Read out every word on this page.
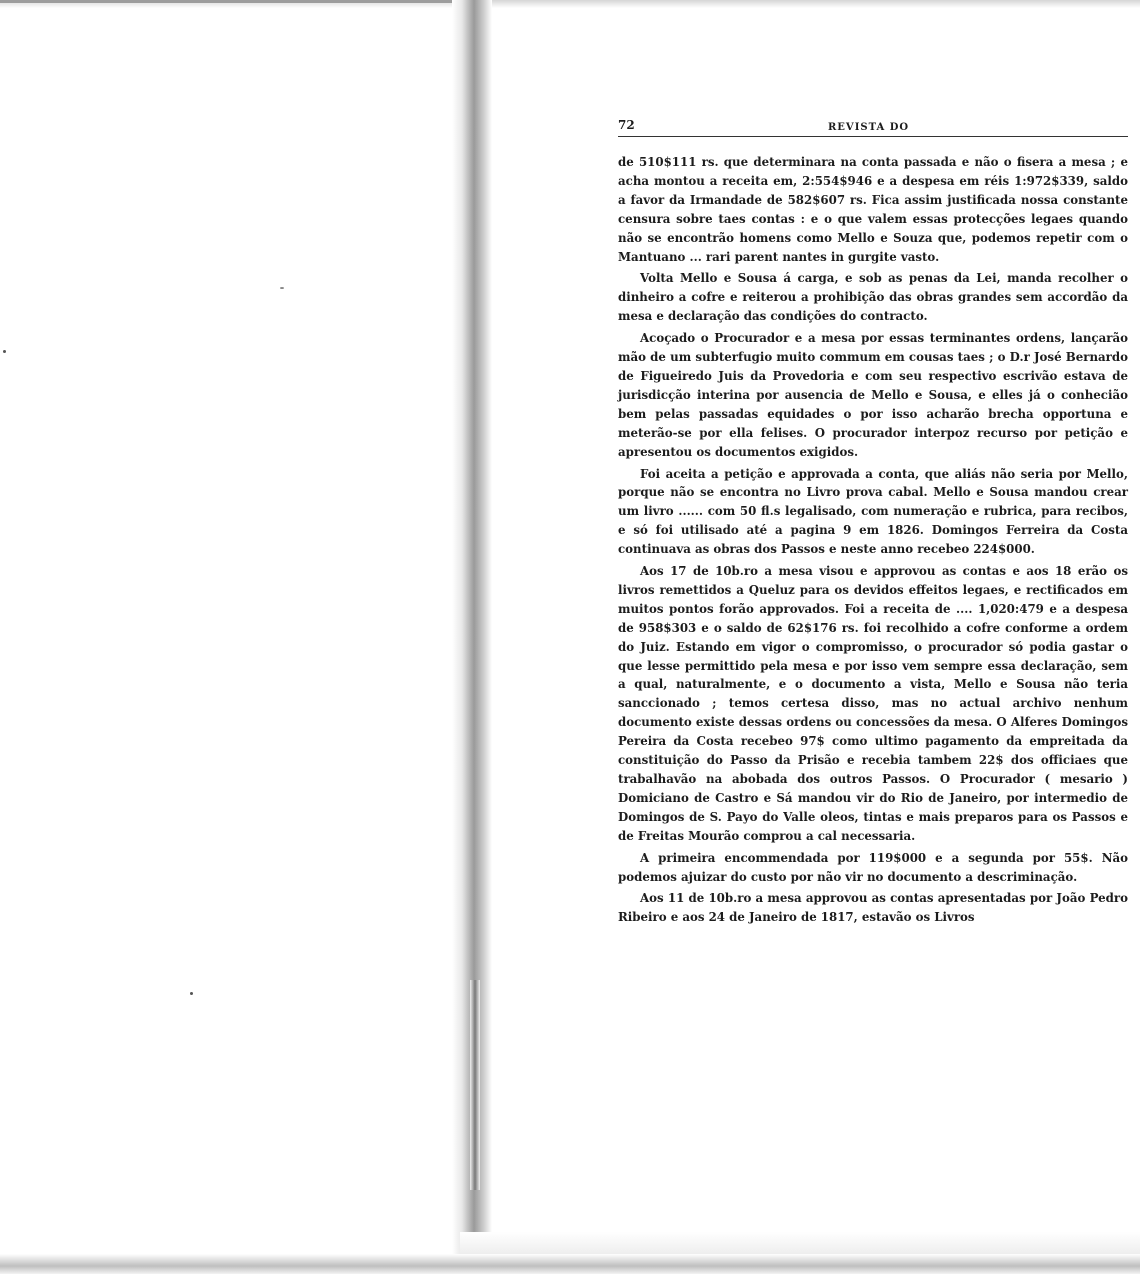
72	REVISTA DO

de 510$111 rs. que determinara na conta passada e não o fisera a mesa ; e acha montou a receita em, 2:554$946 e a despesa em réis 1:972$339, saldo a favor da Irmandade de 582$607 rs. Fica assim justificada nossa constante censura sobre taes contas : e o que valem essas protecções legaes quando não se encontrão homens como Mello e Souza que, podemos repetir com o Mantuano ... rari parent nantes in gurgite vasto.

Volta Mello e Sousa á carga, e sob as penas da Lei, manda recolher o dinheiro a cofre e reiterou a prohibição das obras grandes sem accordão da mesa e declaração das condições do contracto.

Acoçado o Procurador e a mesa por essas terminantes ordens, lançarão mão de um subterfugio muito commum em cousas taes ; o D.r José Bernardo de Figueiredo Juis da Provedoria e com seu respectivo escrivão estava de jurisdicção interina por ausencia de Mello e Sousa, e elles já o conhecião bem pelas passadas equidades o por isso acharão brecha opportuna e meterão-se por ella felises. O procurador interpoz recurso por petição e apresentou os documentos exigidos.

Foi aceita a petição e approvada a conta, que aliás não seria por Mello, porque não se encontra no Livro prova cabal. Mello e Sousa mandou crear um livro ...... com 50 fl.s legalisado, com numeração e rubrica, para recibos, e só foi utilisado até a pagina 9 em 1826. Domingos Ferreira da Costa continuava as obras dos Passos e neste anno recebeo 224$000.

Aos 17 de 10b.ro a mesa visou e approvou as contas e aos 18 erão os livros remettidos a Queluz para os devidos effeitos legaes, e rectificados em muitos pontos forão approvados. Foi a receita de .... 1,020:479 e a despesa de 958$303 e o saldo de 62$176 rs. foi recolhido a cofre conforme a ordem do Juiz. Estando em vigor o compromisso, o procurador só podia gastar o que lesse permittido pela mesa e por isso vem sempre essa declaração, sem a qual, naturalmente, e o documento a vista, Mello e Sousa não teria sanccionado ; temos certesa disso, mas no actual archivo nenhum documento existe dessas ordens ou concessões da mesa. O Alferes Domingos Pereira da Costa recebeo 97$ como ultimo pagamento da empreitada da constituição do Passo da Prisão e recebia tambem 22$ dos officiaes que trabalhavão na abobada dos outros Passos. O Procurador ( mesario ) Domiciano de Castro e Sá mandou vir do Rio de Janeiro, por intermedio de Domingos de S. Payo do Valle oleos, tintas e mais preparos para os Passos e de Freitas Mourão comprou a cal necessaria.

A primeira encommendada por 119$000 e a segunda por 55$. Não podemos ajuizar do custo por não vir no documento a descriminação.

Aos 11 de 10b.ro a mesa approvou as contas apresentadas por João Pedro Ribeiro e aos 24 de Janeiro de 1817, estavão os Livros
